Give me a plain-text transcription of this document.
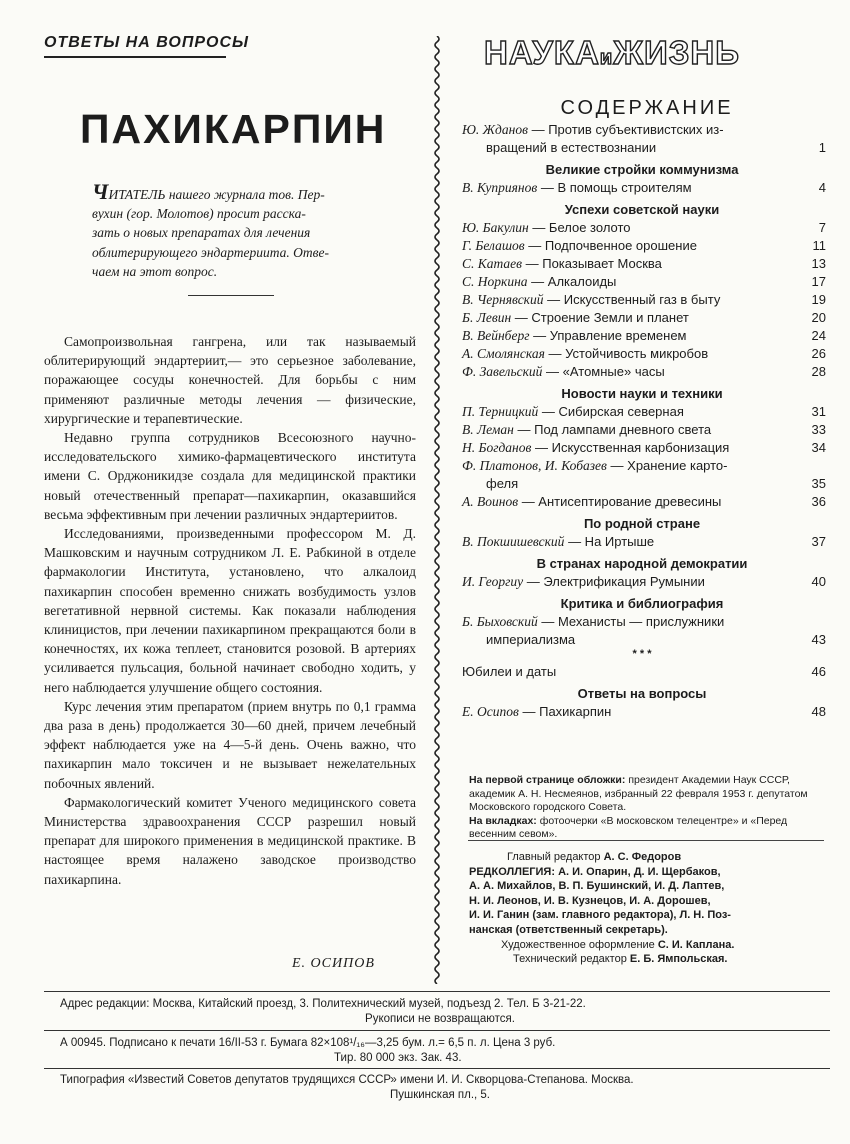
ОТВЕТЫ НА ВОПРОСЫ
ПАХИКАРПИН
ЧИТАТЕЛЬ нашего журнала тов. Пер-
вухин (гор. Молотов) просит расска-
зать о новых препаратах для лечения
облитерирующего эндартериита. Отве-
чаем на этот вопрос.

Самопроизвольная гангрена, или так называемый облитерирующий эндартериит,— это серьезное заболевание, поражающее сосуды конечностей. Для борьбы с ним применяют различные методы лечения — физические, хирургические и терапевтические.

Недавно группа сотрудников Всесоюзного научно-исследовательского химико-фармацевтического института имени С. Орджоникидзе создала для медицинской практики новый отечественный препарат—пахикарпин, оказавшийся весьма эффективным при лечении различных эндартериитов.

Исследованиями, произведенными профессором М. Д. Машковским и научным сотрудником Л. Е. Рабкиной в отделе фармакологии Института, установлено, что алкалоид пахикарпин способен временно снижать возбудимость узлов вегетативной нервной системы. Как показали наблюдения клиницистов, при лечении пахикарпином прекращаются боли в конечностях, их кожа теплеет, становится розовой. В артериях усиливается пульсация, больной начинает свободно ходить, у него наблюдается улучшение общего состояния.

Курс лечения этим препаратом (прием внутрь по 0,1 грамма два раза в день) продолжается 30—60 дней, причем лечебный эффект наблюдается уже на 4—5-й день. Очень важно, что пахикарпин мало токсичен и не вызывает нежелательных побочных явлений.

Фармакологический комитет Ученого медицинского совета Министерства здравоохранения СССР разрешил новый препарат для широкого применения в медицинской практике. В настоящее время налажено заводское производство пахикарпина.

Е. ОСИПОВ
НАУКАиЖИЗНЬ
СОДЕРЖАНИЕ
Ю. Жданов — Против субъективистских из-
вращений в естествознании	1
Великие стройки коммунизма
В. Куприянов — В помощь строителям	4
Успехи советской науки
Ю. Бакулин — Белое золото	7
Г. Белашов — Подпочвенное орошение	11
С. Катаев — Показывает Москва	13
С. Норкина — Алкалоиды	17
В. Чернявский — Искусственный газ в быту	19
Б. Левин — Строение Земли и планет	20
В. Вейнберг — Управление временем	24
А. Смолянская — Устойчивость микробов	26
Ф. Завельский — «Атомные» часы	28
Новости науки и техники
П. Терницкий — Сибирская северная	31
В. Леман — Под лампами дневного света	33
Н. Богданов — Искусственная карбонизация	34
Ф. Платонов, И. Кобазев — Хранение карто-
феля	35
А. Воинов — Антисептирование древесины	36
По родной стране
В. Покшишевский — На Иртыше	37
В странах народной демократии
И. Георгиу — Электрификация Румынии	40
Критика и библиография
Б. Быховский — Механисты — прислужники
империализма	43
* * *
Юбилеи и даты	46
Ответы на вопросы
Е. Осипов — Пахикарпин	48
На первой странице обложки: президент Академии Наук СССР, академик А. Н. Несмеянов, избранный 22 февраля 1953 г. депутатом Московского городского Совета.
На вкладках: фотоочерки «В московском телецентре» и «Перед весенним севом».
Главный редактор А. С. Федоров
РЕДКОЛЛЕГИЯ: А. И. Опарин, Д. И. Щербаков,
А. А. Михайлов, В. П. Бушинский, И. Д. Лаптев,
Н. И. Леонов, И. В. Кузнецов, И. А. Дорошев,
И. И. Ганин (зам. главного редактора), Л. Н. Поз-
нанская (ответственный секретарь).
Художественное оформление С. И. Каплана.
Технический редактор Е. Б. Ямпольская.
Адрес редакции: Москва, Китайский проезд, 3. Политехнический музей, подъезд 2. Тел. Б 3-21-22.
Рукописи не возвращаются.
А 00945. Подписано к печати 16/II-53 г. Бумага 82×108¹/₁₆—3,25 бум. л.= 6,5 п. л. Цена 3 руб.
Тир. 80 000 экз. Зак. 43.
Типография «Известий Советов депутатов трудящихся СССР» имени И. И. Скворцова-Степанова. Москва.
Пушкинская пл., 5.
